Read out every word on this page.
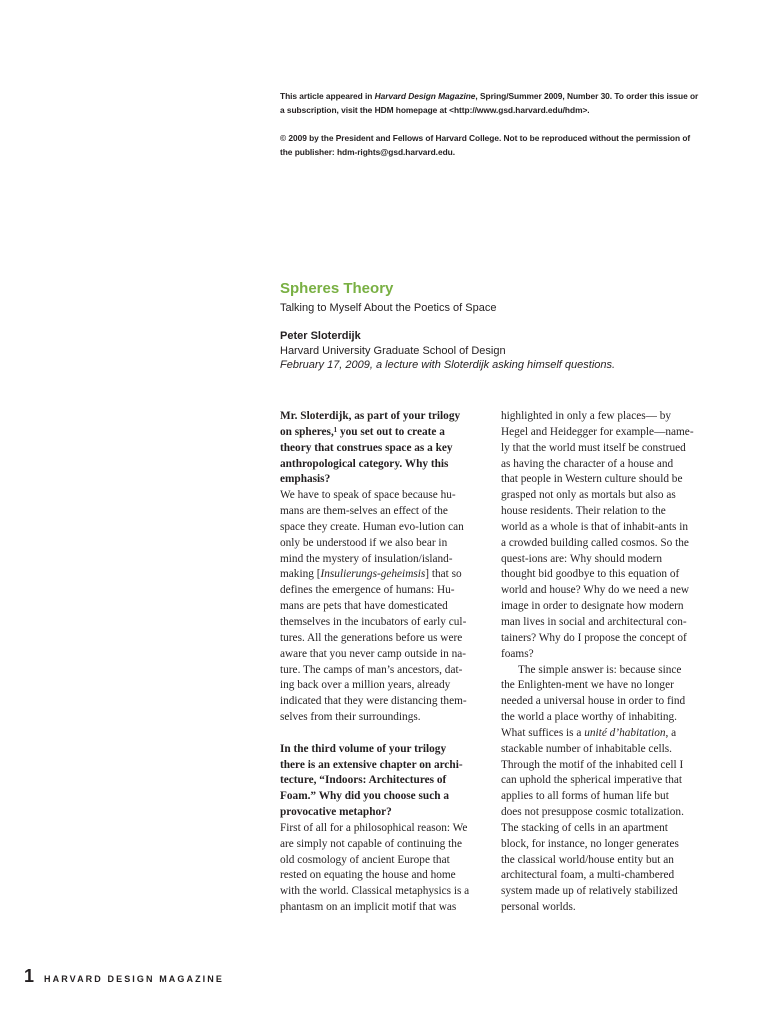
This article appeared in Harvard Design Magazine, Spring/Summer 2009, Number 30. To order this issue or

a subscription, visit the HDM homepage at <http://www.gsd.harvard.edu/hdm>.

© 2009 by the President and Fellows of Harvard College. Not to be reproduced without the permission of

the publisher: hdm-rights@gsd.harvard.edu.

Spheres Theory

Talking to Myself About the Poetics of Space

Peter Sloterdijk
Harvard University Graduate School of Design
February 17, 2009, a lecture with Sloterdijk asking himself questions.

Mr. Sloterdijk, as part of your trilogy
on spheres,¹ you set out to create a
theory that construes space as a key
anthropological category. Why this
emphasis?

We have to speak of space because hu-
mans are them-selves an effect of the
space they create. Human evo-lution can
only be understood if we also bear in
mind the mystery of insulation/island-
making [Insulierungs-geheimsis] that so
defines the emergence of humans: Hu-
mans are pets that have domesticated
themselves in the incubators of early cul-
tures. All the generations before us were
aware that you never camp outside in na-
ture. The camps of man’s ancestors, dat-
ing back over a million years, already
indicated that they were distancing them-
selves from their surroundings.

In the third volume of your trilogy
there is an extensive chapter on archi-
tecture, “Indoors: Architectures of
Foam.” Why did you choose such a
provocative metaphor?

First of all for a philosophical reason: We
are simply not capable of continuing the
old cosmology of ancient Europe that
rested on equating the house and home
with the world. Classical metaphysics is a
phantasm on an implicit motif that was

highlighted in only a few places— by
Hegel and Heidegger for example—name-
ly that the world must itself be construed
as having the character of a house and
that people in Western culture should be
grasped not only as mortals but also as
house residents. Their relation to the
world as a whole is that of inhabit-ants in
a crowded building called cosmos. So the
quest-ions are: Why should modern
thought bid goodbye to this equation of
world and house? Why do we need a new
image in order to designate how modern
man lives in social and architectural con-
tainers? Why do I propose the concept of
foams?

The simple answer is: because since
the Enlighten-ment we have no longer
needed a universal house in order to find
the world a place worthy of inhabiting.
What suffices is a unité d’habitation, a
stackable number of inhabitable cells.
Through the motif of the inhabited cell I
can uphold the spherical imperative that
applies to all forms of human life but
does not presuppose cosmic totalization.
The stacking of cells in an apartment
block, for instance, no longer generates
the classical world/house entity but an
architectural foam, a multi-chambered
system made up of relatively stabilized
personal worlds.

1 HARVARD DESIGN MAGAZINE
